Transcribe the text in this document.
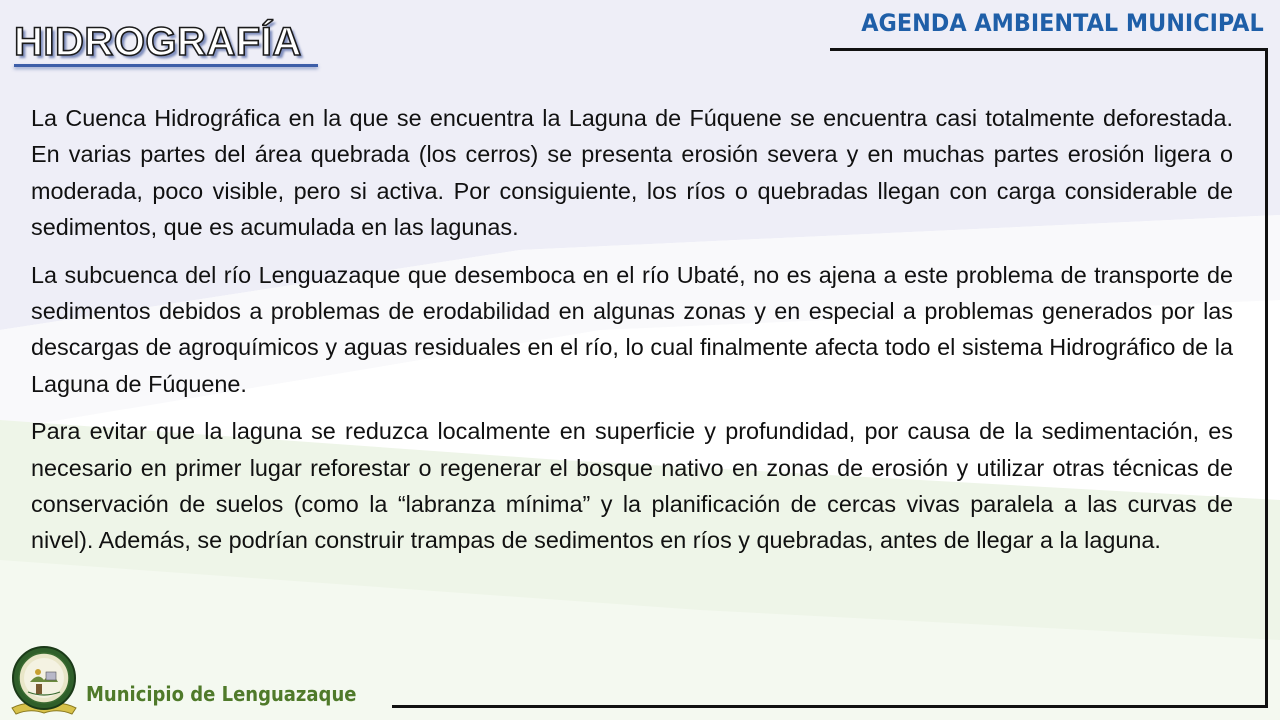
HIDROGRAFÍA	AGENDA AMBIENTAL MUNICIPAL

La Cuenca Hidrográfica en la que se encuentra la Laguna de Fúquene se encuentra casi totalmente deforestada. En varias partes del área quebrada (los cerros) se presenta erosión severa y en muchas partes erosión ligera o moderada, poco visible, pero si activa. Por consiguiente, los ríos o quebradas llegan con carga considerable de sedimentos, que es acumulada en las lagunas.

La subcuenca del río Lenguazaque que desemboca en el río Ubaté, no es ajena a este problema de transporte de sedimentos debidos a problemas de erodabilidad en algunas zonas y en especial a problemas generados por las descargas de agroquímicos y aguas residuales en el río, lo cual finalmente afecta todo el sistema Hidrográfico de la Laguna de Fúquene.

Para evitar que la laguna se reduzca localmente en superficie y profundidad, por causa de la sedimentación, es necesario en primer lugar reforestar o regenerar el bosque nativo en zonas de erosión y utilizar otras técnicas de conservación de suelos (como la “labranza mínima” y la planificación de cercas vivas paralela a las curvas de nivel). Además, se podrían construir trampas de sedimentos en ríos y quebradas, antes de llegar a la laguna.

Municipio de Lenguazaque
